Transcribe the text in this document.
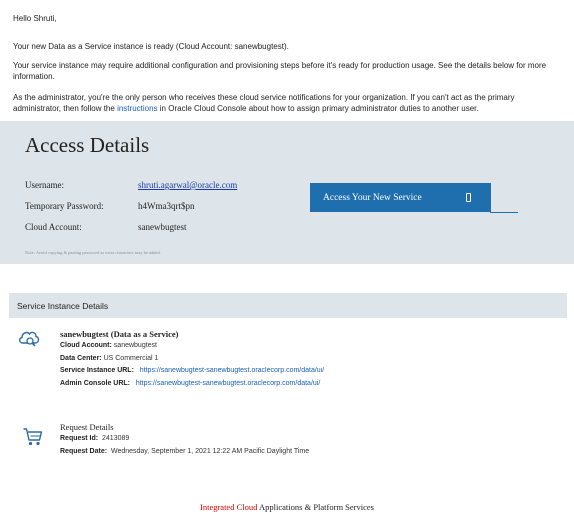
Hello Shruti,
Your new Data as a Service instance is ready (Cloud Account: sanewbugtest).
Your service instance may require additional configuration and provisioning steps before it's ready for production usage. See the details below for more
information.
As the administrator, you're the only person who receives these cloud service notifications for your organization. If you can't act as the primary
administrator, then follow the instructions in Oracle Cloud Console about how to assign primary administrator duties to another user.
Access Details
Username:	shruti.agarwal@oracle.com
Temporary Password:	h4Wma3qrt$pn
Cloud Account:	sanewbugtest
Note: Avoid copying & pasting password as extra characters may be added.
Access Your New Service
Service Instance Details
sanewbugtest (Data as a Service)
Cloud Account: sanewbugtest
Data Center: US Commercial 1
Service Instance URL: https://sanewbugtest-sanewbugtest.oraclecorp.com/data/ui/
Admin Console URL: https://sanewbugtest-sanewbugtest.oraclecorp.com/data/ui/
Request Details
Request Id: 2413089
Request Date: Wednesday, September 1, 2021 12:22 AM Pacific Daylight Time
Integrated Cloud Applications & Platform Services
